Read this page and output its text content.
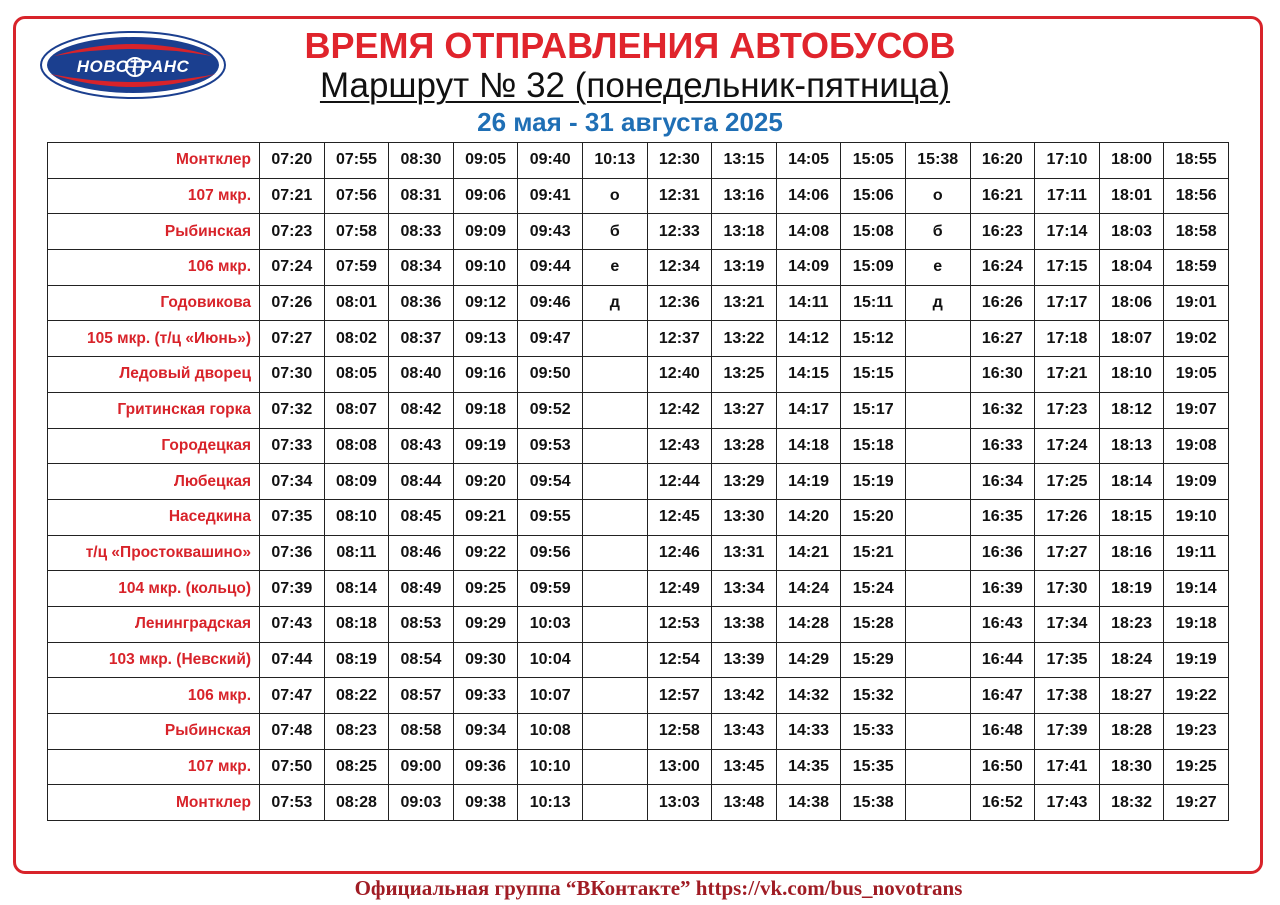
НОВОТРАНС
ВРЕМЯ ОТПРАВЛЕНИЯ АВТОБУСОВ
Маршрут № 32 (понедельник-пятница)
26 мая - 31 августа 2025
Монтклер	07:20	07:55	08:30	09:05	09:40	10:13	12:30	13:15	14:05	15:05	15:38	16:20	17:10	18:00	18:55
107 мкр.	07:21	07:56	08:31	09:06	09:41	о	12:31	13:16	14:06	15:06	о	16:21	17:11	18:01	18:56
Рыбинская	07:23	07:58	08:33	09:09	09:43	б	12:33	13:18	14:08	15:08	б	16:23	17:14	18:03	18:58
106 мкр.	07:24	07:59	08:34	09:10	09:44	е	12:34	13:19	14:09	15:09	е	16:24	17:15	18:04	18:59
Годовикова	07:26	08:01	08:36	09:12	09:46	д	12:36	13:21	14:11	15:11	д	16:26	17:17	18:06	19:01
105 мкр. (т/ц «Июнь»)	07:27	08:02	08:37	09:13	09:47		12:37	13:22	14:12	15:12		16:27	17:18	18:07	19:02
Ледовый дворец	07:30	08:05	08:40	09:16	09:50		12:40	13:25	14:15	15:15		16:30	17:21	18:10	19:05
Гритинская горка	07:32	08:07	08:42	09:18	09:52		12:42	13:27	14:17	15:17		16:32	17:23	18:12	19:07
Городецкая	07:33	08:08	08:43	09:19	09:53		12:43	13:28	14:18	15:18		16:33	17:24	18:13	19:08
Любецкая	07:34	08:09	08:44	09:20	09:54		12:44	13:29	14:19	15:19		16:34	17:25	18:14	19:09
Наседкина	07:35	08:10	08:45	09:21	09:55		12:45	13:30	14:20	15:20		16:35	17:26	18:15	19:10
т/ц «Простоквашино»	07:36	08:11	08:46	09:22	09:56		12:46	13:31	14:21	15:21		16:36	17:27	18:16	19:11
104 мкр. (кольцо)	07:39	08:14	08:49	09:25	09:59		12:49	13:34	14:24	15:24		16:39	17:30	18:19	19:14
Ленинградская	07:43	08:18	08:53	09:29	10:03		12:53	13:38	14:28	15:28		16:43	17:34	18:23	19:18
103 мкр. (Невский)	07:44	08:19	08:54	09:30	10:04		12:54	13:39	14:29	15:29		16:44	17:35	18:24	19:19
106 мкр.	07:47	08:22	08:57	09:33	10:07		12:57	13:42	14:32	15:32		16:47	17:38	18:27	19:22
Рыбинская	07:48	08:23	08:58	09:34	10:08		12:58	13:43	14:33	15:33		16:48	17:39	18:28	19:23
107 мкр.	07:50	08:25	09:00	09:36	10:10		13:00	13:45	14:35	15:35		16:50	17:41	18:30	19:25
Монтклер	07:53	08:28	09:03	09:38	10:13		13:03	13:48	14:38	15:38		16:52	17:43	18:32	19:27
Официальная группа “ВКонтакте” https://vk.com/bus_novotrans
